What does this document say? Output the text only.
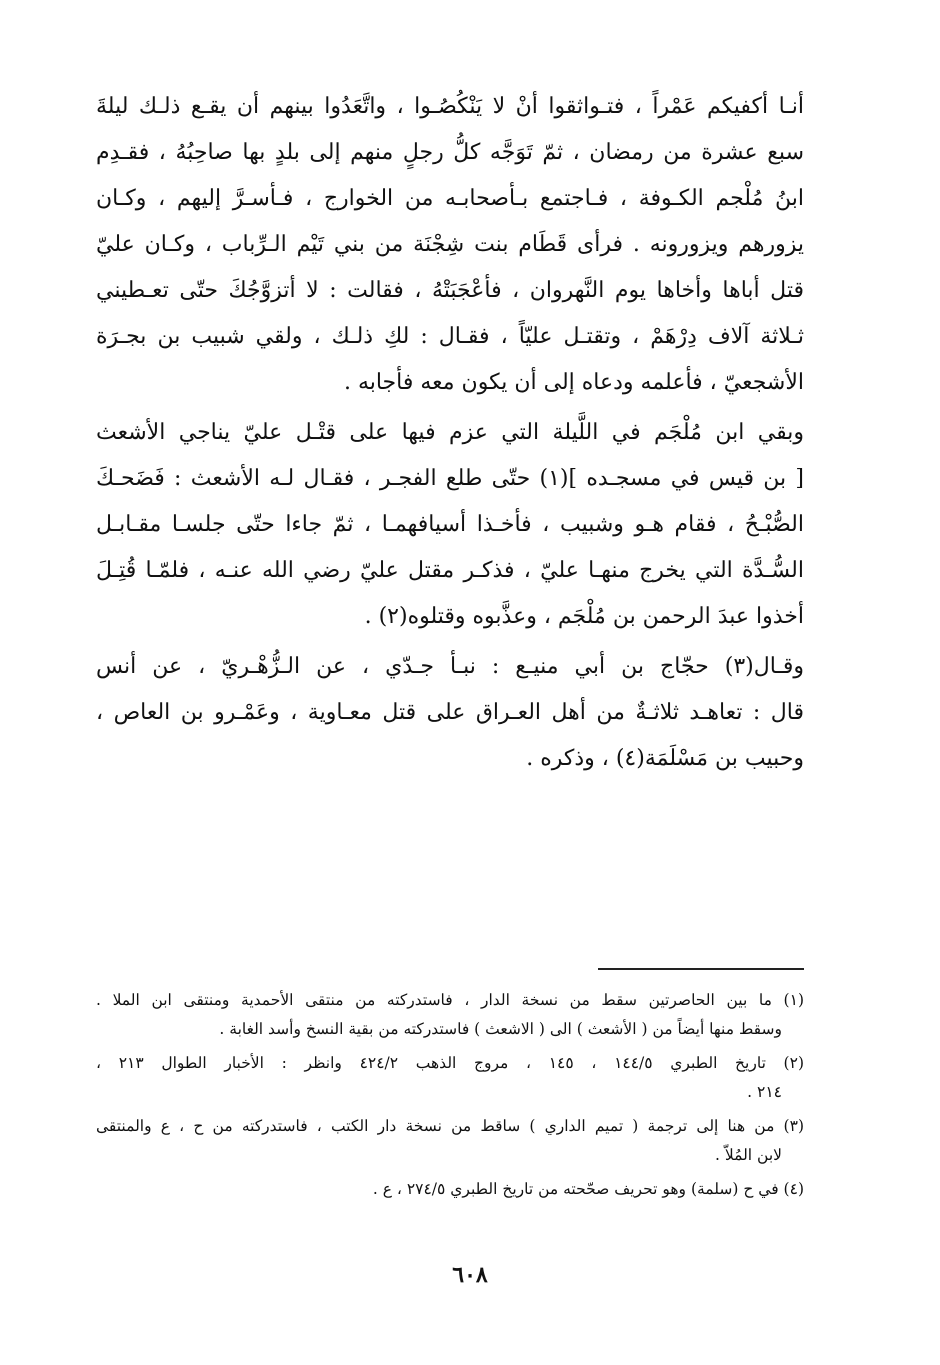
أنـا أكفيكم عَمْراً ، فتـواثقوا أنْ لا يَنْكُصُـوا ، واتَّعَدُوا بينهم أن يقـع ذلـك ليلةَ
سبع عشرة من رمضان ، ثمّ تَوَجَّه كلُّ رجلٍ منهم إلى بلدٍ بها صاحِبُهُ ، فقـدِم
ابنُ مُلْجم الكـوفة ، فـاجتمع بـأصحابـه من الخوارج ، فـأسـرَّ إليهم ، وكـان
يزورهم ويزورونه . فرأى قَطَام بنت شِجْنَة من بني تَيْم الـرِّباب ، وكـان عليّ
قتل أباها وأخاها يوم النَّهروان ، فأعْجَبَتْهُ ، فقالت : لا أتزوَّجُكَ حتّى تعـطيني
ثـلاثة آلاف دِرْهَمْ ، وتقتـل عليّاً ، فقـال : لكِ ذلـك ، ولقي شبيب بن بجـرَة
الأشجعيّ ، فأعلمه ودعاه إلى أن يكون معه فأجابه .
وبقي ابن مُلْجَم في اللَّيلة التي عزم فيها على قتْـل عليّ يناجي الأشعث
[ بن قيس في مسجـده ](١) حتّى طلع الفجـر ، فقـال لـه الأشعث : فَضَحـكَ
الصُّبْـحُ ، فقام هـو وشبيب ، فأخـذا أسيافهمـا ، ثمّ جاءا حتّى جلسـا مقـابـل
السُّـدَّة التي يخرج منهـا عليّ ، فذكـر مقتل عليّ رضي الله عنـه ، فلمّـا قُتِـلَ
أخذوا عبدَ الرحمن بن مُلْجَم ، وعذَّبوه وقتلوه(٢) .
وقـال(٣) حجّاج بن أبي منيـع : نبـأ جـدّي ، عن الـزُّهْـريّ ، عن أنس
قال : تعاهـد ثلاثـةٌ من أهل العـراق على قتل معـاوية ، وعَمْـرو بن العاص ،
وحبيب بن مَسْلَمَة(٤) ، وذكره .
(١) ما بين الحاصرتين سقط من نسخة الدار ، فاستدركته من منتقى الأحمدية ومنتقى ابن الملا .
وسقط منها أيضاً من ( الأشعث ) الى ( الاشعث ) فاستدركته من بقية النسخ وأسد الغابة .
(٢) تاريخ الطبري ١٤٤/٥ ، ١٤٥ ، مروج الذهب ٤٢٤/٢ وانظر : الأخبار الطوال ٢١٣ ،
٢١٤ .
(٣) من هنا إلى ترجمة ( تميم الداري ) ساقط من نسخة دار الكتب ، فاستدركته من ح ، ع والمنتقى
لابن المُلاّ .
(٤) في ح (سلمة) وهو تحريف صحّحته من تاريخ الطبري ٢٧٤/٥ ، ع .
٦٠٨
